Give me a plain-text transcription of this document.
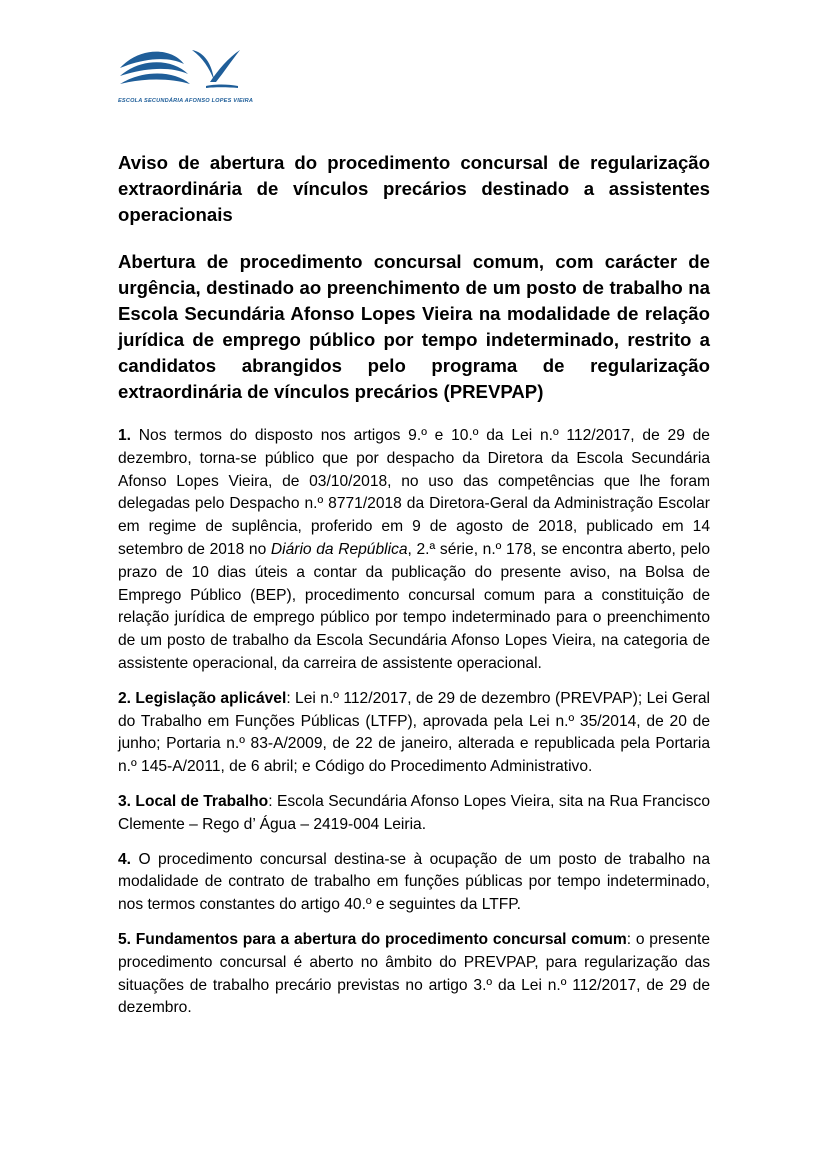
ESCOLA SECUNDÁRIA AFONSO LOPES VIEIRA
Aviso de abertura do procedimento concursal de regularização extraordinária de vínculos precários destinado a assistentes operacionais
Abertura de procedimento concursal comum, com carácter de urgência, destinado ao preenchimento de um posto de trabalho na Escola Secundária Afonso Lopes Vieira na modalidade de relação jurídica de emprego público por tempo indeterminado, restrito a candidatos abrangidos pelo programa de regularização extraordinária de vínculos precários (PREVPAP)

1. Nos termos do disposto nos artigos 9.º e 10.º da Lei n.º 112/2017, de 29 de dezembro, torna-se público que por despacho da Diretora da Escola Secundária Afonso Lopes Vieira, de 03/10/2018, no uso das competências que lhe foram delegadas pelo Despacho n.º 8771/2018 da Diretora-Geral da Administração Escolar em regime de suplência, proferido em 9 de agosto de 2018, publicado em 14 setembro de 2018 no Diário da República, 2.ª série, n.º 178, se encontra aberto, pelo prazo de 10 dias úteis a contar da publicação do presente aviso, na Bolsa de Emprego Público (BEP), procedimento concursal comum para a constituição de relação jurídica de emprego público por tempo indeterminado para o preenchimento de um posto de trabalho da Escola Secundária Afonso Lopes Vieira, na categoria de assistente operacional, da carreira de assistente operacional.

2. Legislação aplicável: Lei n.º 112/2017, de 29 de dezembro (PREVPAP); Lei Geral do Trabalho em Funções Públicas (LTFP), aprovada pela Lei n.º 35/2014, de 20 de junho; Portaria n.º 83-A/2009, de 22 de janeiro, alterada e republicada pela Portaria n.º 145-A/2011, de 6 abril; e Código do Procedimento Administrativo.

3. Local de Trabalho: Escola Secundária Afonso Lopes Vieira, sita na Rua Francisco Clemente – Rego d’ Água – 2419-004 Leiria.

4. O procedimento concursal destina-se à ocupação de um posto de trabalho na modalidade de contrato de trabalho em funções públicas por tempo indeterminado, nos termos constantes do artigo 40.º e seguintes da LTFP.

5. Fundamentos para a abertura do procedimento concursal comum: o presente procedimento concursal é aberto no âmbito do PREVPAP, para regularização das situações de trabalho precário previstas no artigo 3.º da Lei n.º 112/2017, de 29 de dezembro.
